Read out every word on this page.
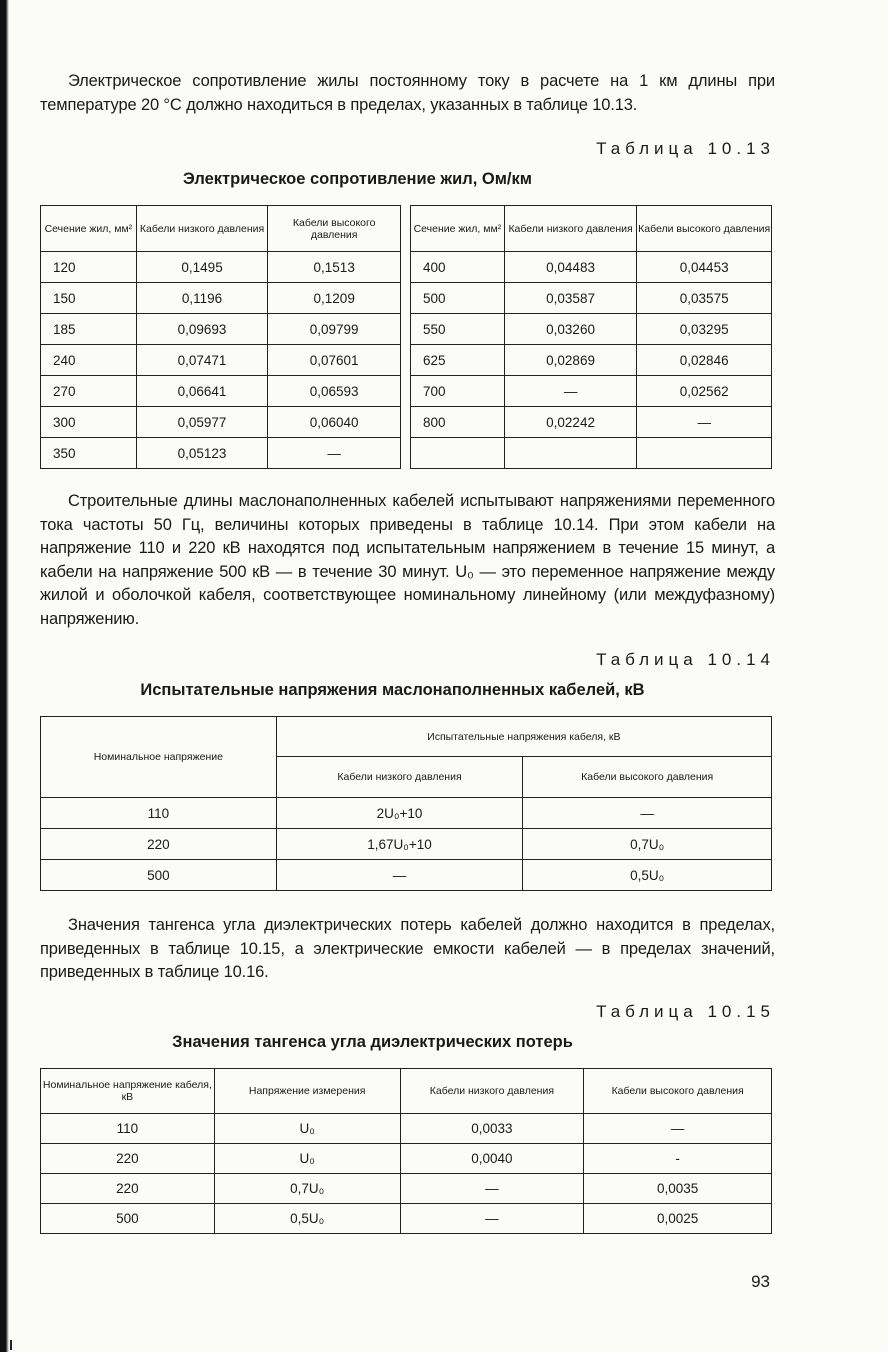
Электрическое сопротивление жилы постоянному току в расчете на 1 км длины при температуре 20 °С должно находиться в пределах, указанных в таблице 10.13.

Таблица 10.13

Электрическое сопротивление жил, Ом/км

Сечение жил, мм²	Кабели низкого давления	Кабели высокого давления
120	0,1495	0,1513
150	0,1196	0,1209
185	0,09693	0,09799
240	0,07471	0,07601
270	0,06641	0,06593
300	0,05977	0,06040
350	0,05123	—
Сечение жил, мм²	Кабели низкого давления	Кабели высокого давления
400	0,04483	0,04453
500	0,03587	0,03575
550	0,03260	0,03295
625	0,02869	0,02846
700	—	0,02562
800	0,02242	—

Строительные длины маслонаполненных кабелей испытывают напряжениями переменного тока частоты 50 Гц, величины которых приведены в таблице 10.14. При этом кабели на напряжение 110 и 220 кВ находятся под испытательным напряжением в течение 15 минут, а кабели на напряжение 500 кВ — в течение 30 минут. U₀ — это переменное напряжение между жилой и оболочкой кабеля, соответствующее номинальному линейному (или междуфазному) напряжению.

Таблица 10.14

Испытательные напряжения маслонаполненных кабелей, кВ

Номинальное напряжение	Испытательные напряжения кабеля, кВ	
	Кабели низкого давления	Кабели высокого давления
110	2U₀+10	—
220	1,67U₀+10	0,7U₀
500	—	0,5U₀

Значения тангенса угла диэлектрических потерь кабелей должно находится в пределах, приведенных в таблице 10.15, а электрические емкости кабелей — в пределах значений, приведенных в таблице 10.16.

Таблица 10.15

Значения тангенса угла диэлектрических потерь

Номинальное напряжение кабеля, кВ	Напряжение измерения	Кабели низкого давления	Кабели высокого давления
110	U₀	0,0033	—
220	U₀	0,0040	-
220	0,7U₀	—	0,0035
500	0,5U₀	—	0,0025
93
